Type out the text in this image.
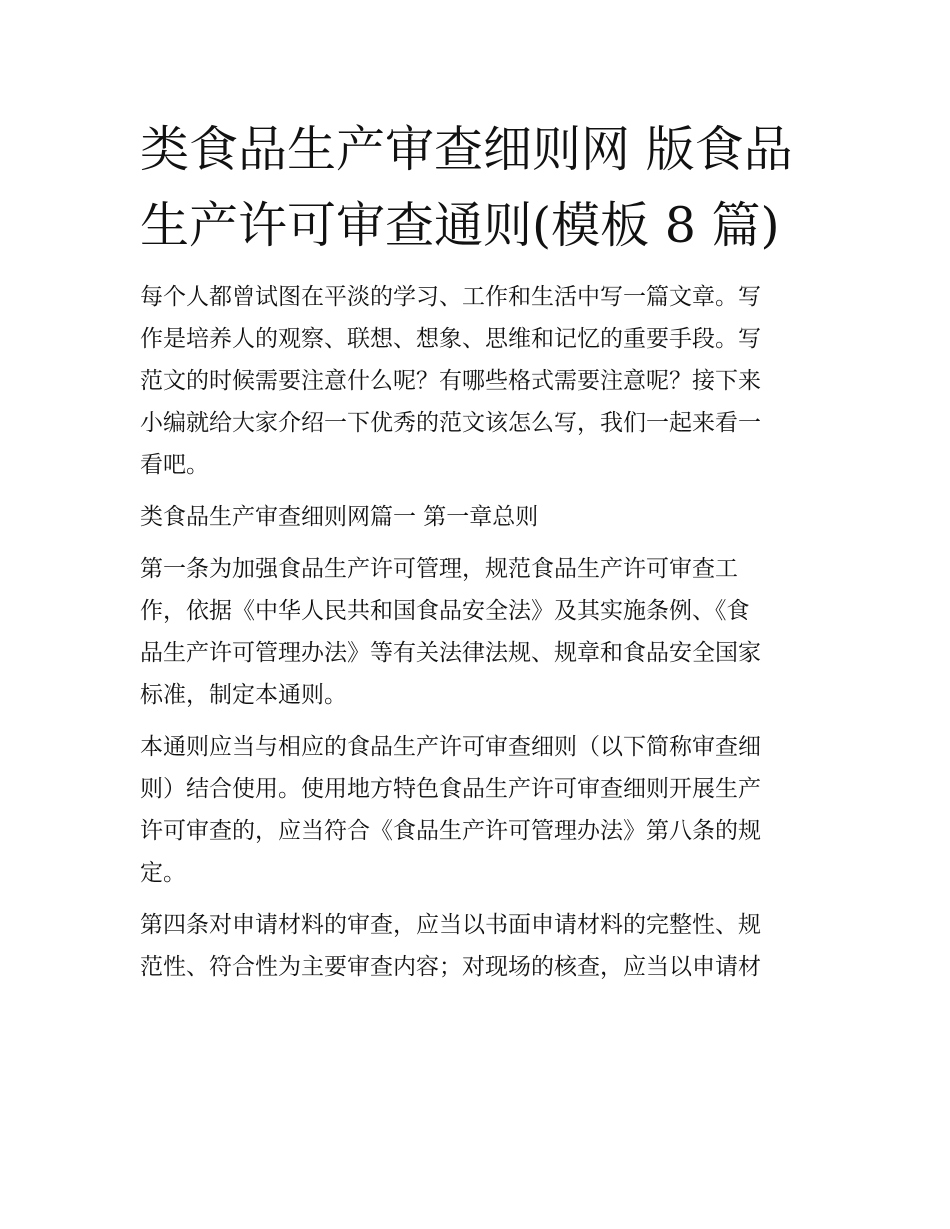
类食品生产审查细则网 版食品
生产许可审查通则(模板 8 篇)

每个人都曾试图在平淡的学习、工作和生活中写一篇文章。写
作是培养人的观察、联想、想象、思维和记忆的重要手段。写
范文的时候需要注意什么呢？有哪些格式需要注意呢？接下来
小编就给大家介绍一下优秀的范文该怎么写，我们一起来看一
看吧。

类食品生产审查细则网篇一 第一章总则

第一条为加强食品生产许可管理，规范食品生产许可审查工
作，依据《中华人民共和国食品安全法》及其实施条例、《食
品生产许可管理办法》等有关法律法规、规章和食品安全国家
标准，制定本通则。

本通则应当与相应的食品生产许可审查细则（以下简称审查细
则）结合使用。使用地方特色食品生产许可审查细则开展生产
许可审查的，应当符合《食品生产许可管理办法》第八条的规
定。

第四条对申请材料的审查，应当以书面申请材料的完整性、规
范性、符合性为主要审查内容；对现场的核查，应当以申请材
